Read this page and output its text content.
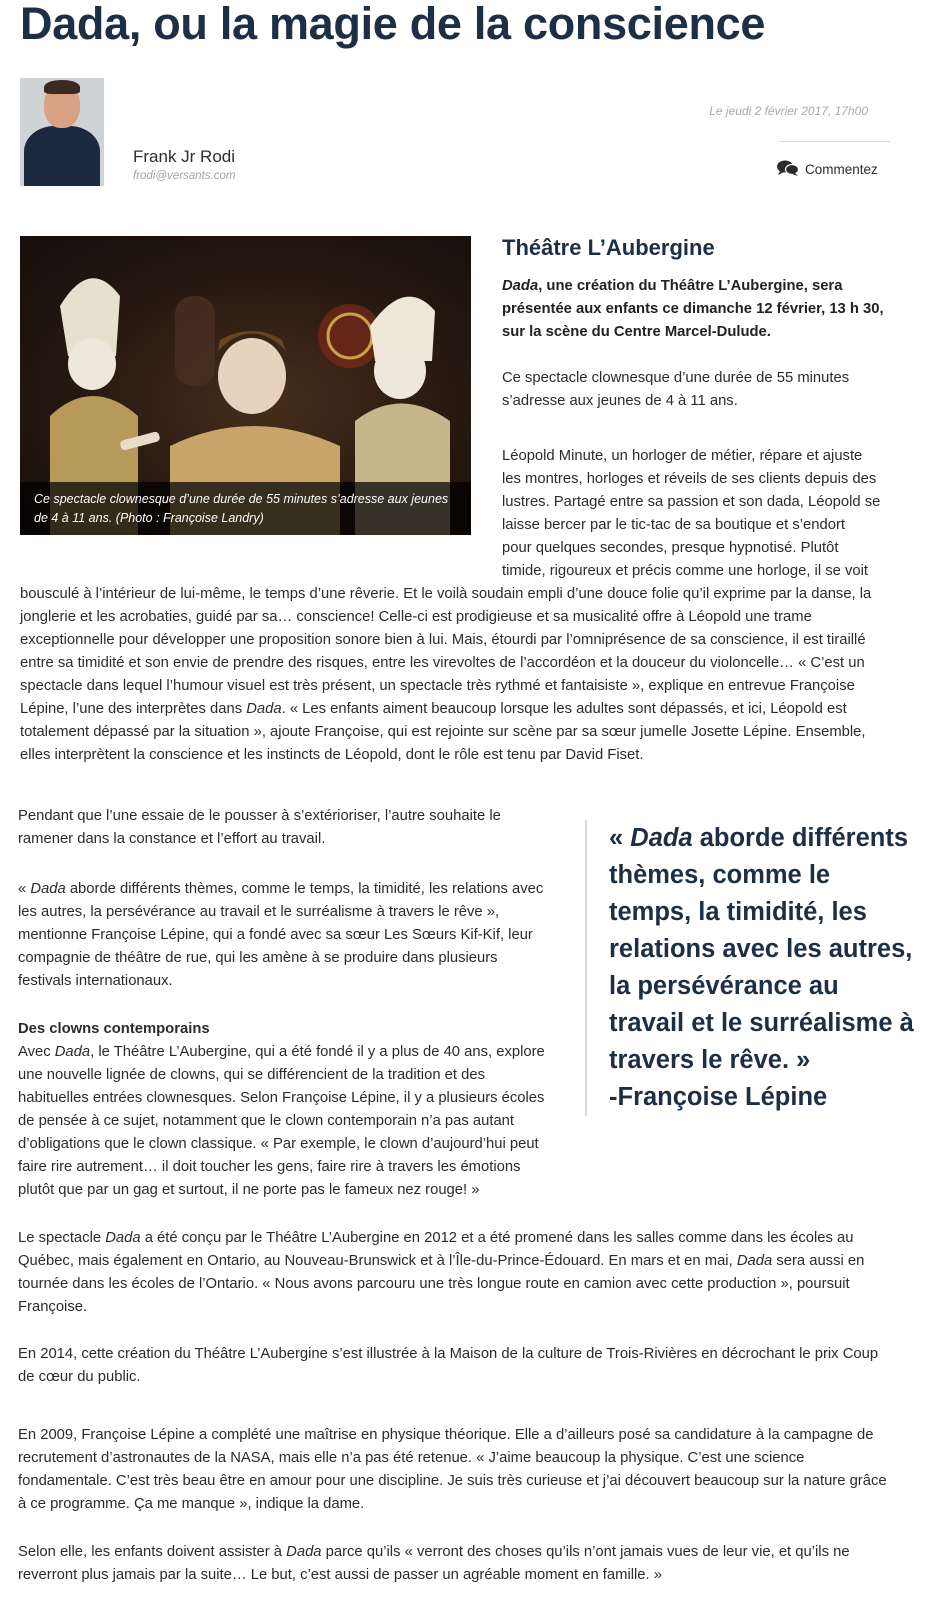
Dada, ou la magie de la conscience
Frank Jr Rodi
frodi@versants.com
Le jeudi 2 février 2017, 17h00
Commentez
Ce spectacle clownesque d’une durée de 55 minutes s’adresse aux jeunes de 4 à 11 ans. (Photo : Françoise Landry)
Théâtre L’Aubergine
Dada, une création du Théâtre L’Aubergine, sera présentée aux enfants ce dimanche 12 février, 13 h 30, sur la scène du Centre Marcel-Dulude.

Ce spectacle clownesque d’une durée de 55 minutes s’adresse aux jeunes de 4 à 11 ans.

Léopold Minute, un horloger de métier, répare et ajuste
les montres, horloges et réveils de ses clients depuis des
lustres. Partagé entre sa passion et son dada, Léopold se
laisse bercer par le tic-tac de sa boutique et s’endort
pour quelques secondes, presque hypnotisé. Plutôt
timide, rigoureux et précis comme une horloge, il se voit

bousculé à l’intérieur de lui-même, le temps d’une rêverie. Et le voilà soudain empli d’une douce folie qu’il exprime par la danse, la jonglerie et les acrobaties, guidé par sa… conscience! Celle-ci est prodigieuse et sa musicalité offre à Léopold une trame exceptionnelle pour développer une proposition sonore bien à lui. Mais, étourdi par l’omniprésence de sa conscience, il est tiraillé entre sa timidité et son envie de prendre des risques, entre les virevoltes de l’accordéon et la douceur du violoncelle… « C’est un spectacle dans lequel l’humour visuel est très présent, un spectacle très rythmé et fantaisiste », explique en entrevue Françoise Lépine, l’une des interprètes dans Dada. « Les enfants aiment beaucoup lorsque les adultes sont dépassés, et ici, Léopold est totalement dépassé par la situation », ajoute Françoise, qui est rejointe sur scène par sa sœur jumelle Josette Lépine. Ensemble, elles interprètent la conscience et les instincts de Léopold, dont le rôle est tenu par David Fiset.

Pendant que l’une essaie de le pousser à s’extérioriser, l’autre souhaite le ramener dans la constance et l’effort au travail.

« Dada aborde différents thèmes, comme le temps, la timidité, les relations avec les autres, la persévérance au travail et le surréalisme à travers le rêve », mentionne Françoise Lépine, qui a fondé avec sa sœur Les Sœurs Kif-Kif, leur compagnie de théâtre de rue, qui les amène à se produire dans plusieurs festivals internationaux.

Des clowns contemporains

Avec Dada, le Théâtre L’Aubergine, qui a été fondé il y a plus de 40 ans, explore une nouvelle lignée de clowns, qui se différencient de la tradition et des habituelles entrées clownesques. Selon Françoise Lépine, il y a plusieurs écoles de pensée à ce sujet, notamment que le clown contemporain n’a pas autant d’obligations que le clown classique. « Par exemple, le clown d’aujourd’hui peut faire rire autrement… il doit toucher les gens, faire rire à travers les émotions plutôt que par un gag et surtout, il ne porte pas le fameux nez rouge! »

« Dada aborde différents thèmes, comme le temps, la timidité, les relations avec les autres, la persévérance au travail et le surréalisme à travers le rêve. »
-Françoise Lépine

Le spectacle Dada a été conçu par le Théâtre L’Aubergine en 2012 et a été promené dans les salles comme dans les écoles au Québec, mais également en Ontario, au Nouveau-Brunswick et à l’Île-du-Prince-Édouard. En mars et en mai, Dada sera aussi en tournée dans les écoles de l’Ontario. « Nous avons parcouru une très longue route en camion avec cette production », poursuit Françoise.

En 2014, cette création du Théâtre L’Aubergine s’est illustrée à la Maison de la culture de Trois-Rivières en décrochant le prix Coup de cœur du public.

En 2009, Françoise Lépine a complété une maîtrise en physique théorique. Elle a d’ailleurs posé sa candidature à la campagne de recrutement d’astronautes de la NASA, mais elle n’a pas été retenue. « J’aime beaucoup la physique. C’est une science fondamentale. C’est très beau être en amour pour une discipline. Je suis très curieuse et j’ai découvert beaucoup sur la nature grâce à ce programme. Ça me manque », indique la dame.

Selon elle, les enfants doivent assister à Dada parce qu’ils « verront des choses qu’ils n’ont jamais vues de leur vie, et qu’ils ne reverront plus jamais par la suite… Le but, c’est aussi de passer un agréable moment en famille. »
